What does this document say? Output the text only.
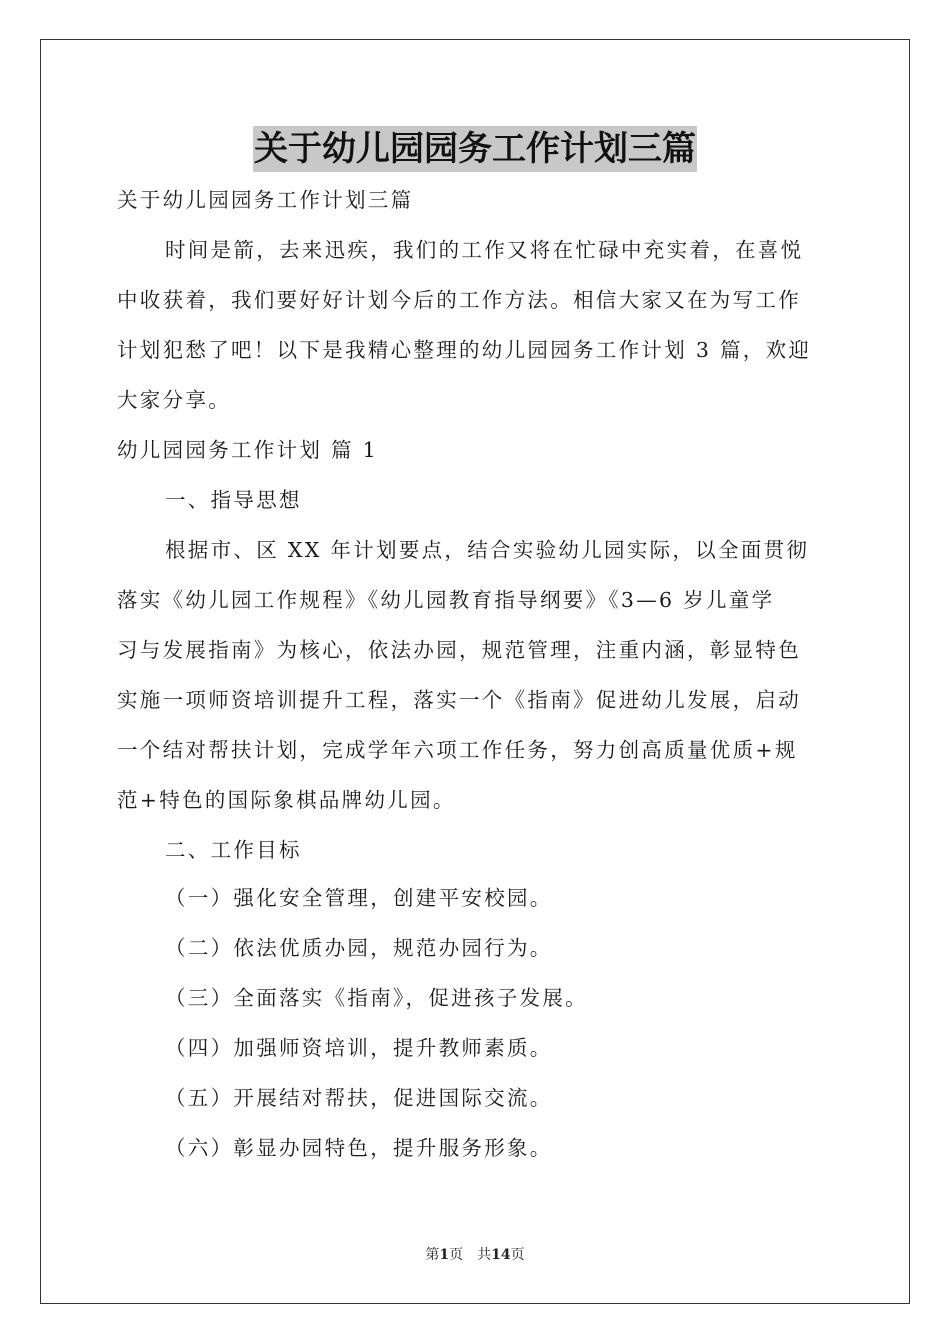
关于幼儿园园务工作计划三篇

关于幼儿园园务工作计划三篇

时间是箭，去来迅疾，我们的工作又将在忙碌中充实着，在喜悦

中收获着，我们要好好计划今后的工作方法。相信大家又在为写工作

计划犯愁了吧！以下是我精心整理的幼儿园园务工作计划 3 篇，欢迎

大家分享。

幼儿园园务工作计划 篇 1

一、指导思想

根据市、区 XX 年计划要点，结合实验幼儿园实际，以全面贯彻

落实《幼儿园工作规程》《幼儿园教育指导纲要》《3—6 岁儿童学

习与发展指南》为核心，依法办园，规范管理，注重内涵，彰显特色

实施一项师资培训提升工程，落实一个《指南》促进幼儿发展，启动

一个结对帮扶计划，完成学年六项工作任务，努力创高质量优质+规

范+特色的国际象棋品牌幼儿园。

二、工作目标

（一）强化安全管理，创建平安校园。

（二）依法优质办园，规范办园行为。

（三）全面落实《指南》，促进孩子发展。

（四）加强师资培训，提升教师素质。

（五）开展结对帮扶，促进国际交流。

（六）彰显办园特色，提升服务形象。

第1页　共14页
